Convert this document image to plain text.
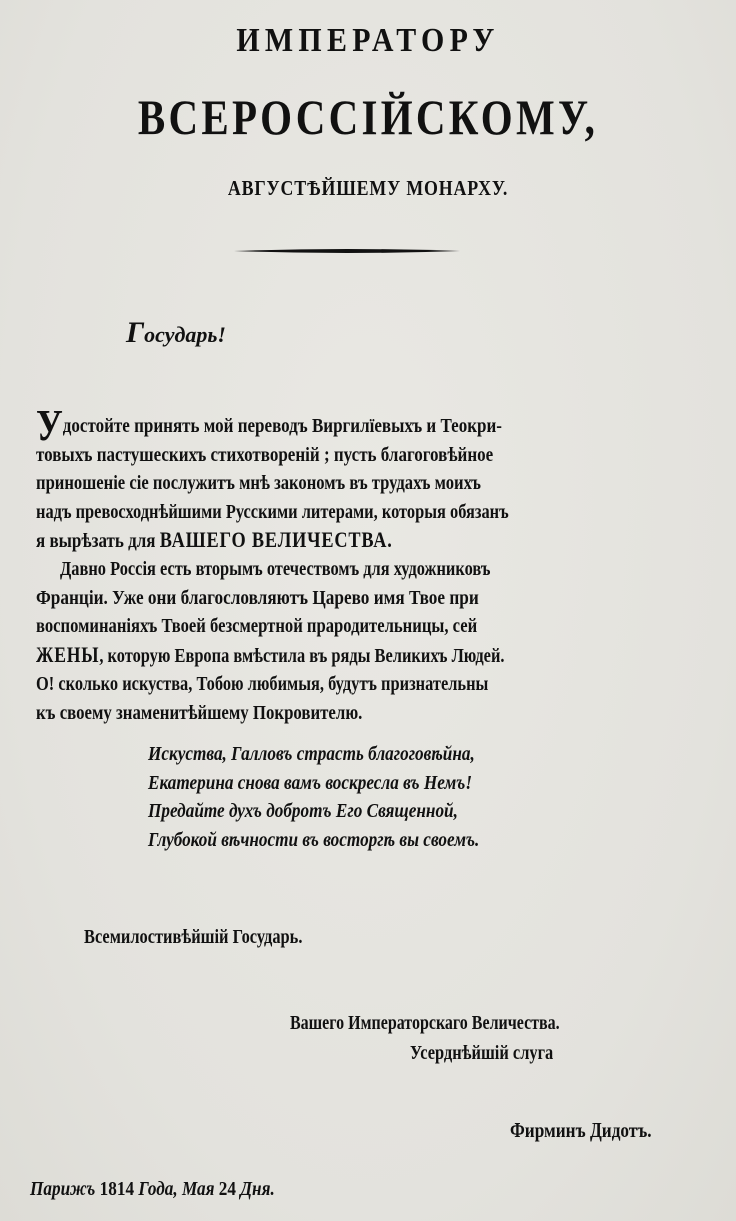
ИМПЕРАТОРУ
ВСЕРОССІЙСКОМУ,
АВГУСТѢЙШЕМУ МОНАРХУ.
Государь!
Удостойте принять мой переводъ Виргилїевыхъ и Теокри-
товыхъ пастушескихъ стихотвореній ; пусть благоговѣйное
приношеніе сіе послужитъ мнѣ закономъ въ трудахъ моихъ
надъ превосходнѣйшими Русскими литерами, которыя обязанъ
я вырѣзать для ВАШЕГО ВЕЛИЧЕСТВА.
Давно Россія есть вторымъ отечествомъ для художниковъ
Франціи. Уже они благословляютъ Царево имя Твое при
воспоминаніяхъ Твоей безсмертной прародительницы, сей
ЖЕНЫ, которую Европа вмѣстила въ ряды Великихъ Людей.
О! сколько искуства, Тобою любимыя, будутъ признательны
къ своему знаменитѣйшему Покровителю.
Искуства, Галловъ страсть благоговѣйна,
Екатерина снова вамъ воскресла въ Немъ!
Предайте духъ добротъ Его Священной,
Глубокой вѣчности въ восторгѣ вы своемъ.
Всемилостивѣйшій Государь.
Вашего Императорскаго Величества.
Усерднѣйшій слуга
Фирминъ Дидотъ.
Парижъ 1814 Года, Мая 24 Дня.
